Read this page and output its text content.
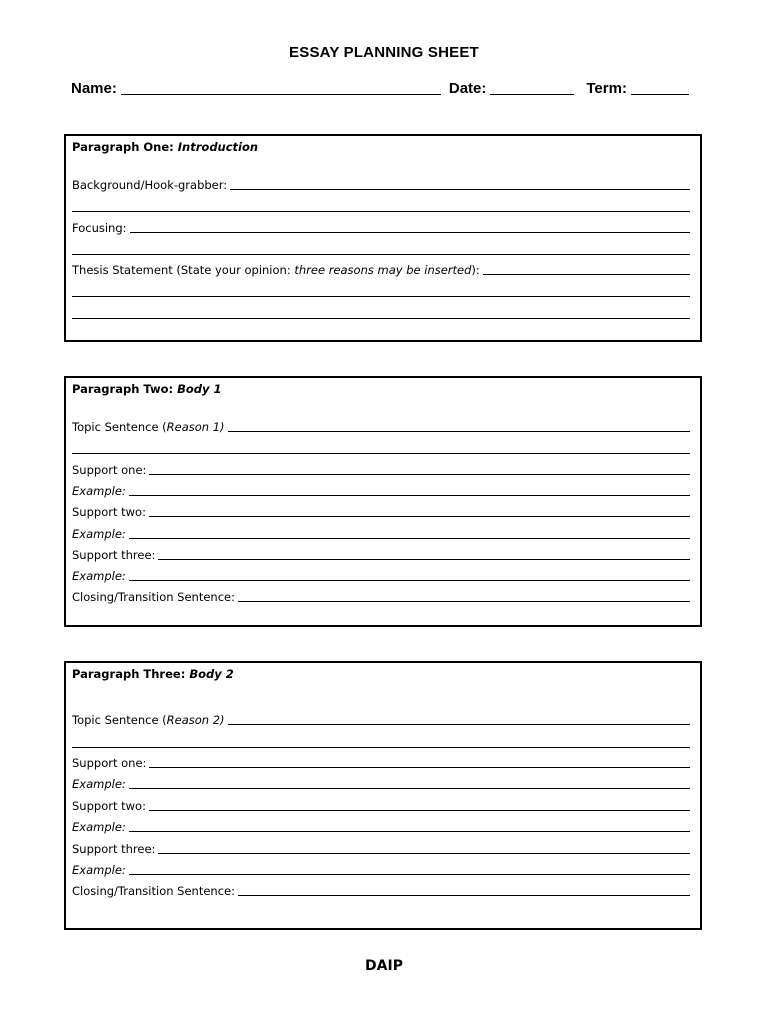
ESSAY PLANNING SHEET
Name:	Date:	Term:
Paragraph One: Introduction
Background/Hook-grabber:
Focusing:
Thesis Statement (State your opinion: three reasons may be inserted):
Paragraph Two: Body 1
Topic Sentence (Reason 1)
Support one:
Example:
Support two:
Example:
Support three:
Example:
Closing/Transition Sentence:
Paragraph Three: Body 2
Topic Sentence (Reason 2)
Support one:
Example:
Support two:
Example:
Support three:
Example:
Closing/Transition Sentence:
DAIP
